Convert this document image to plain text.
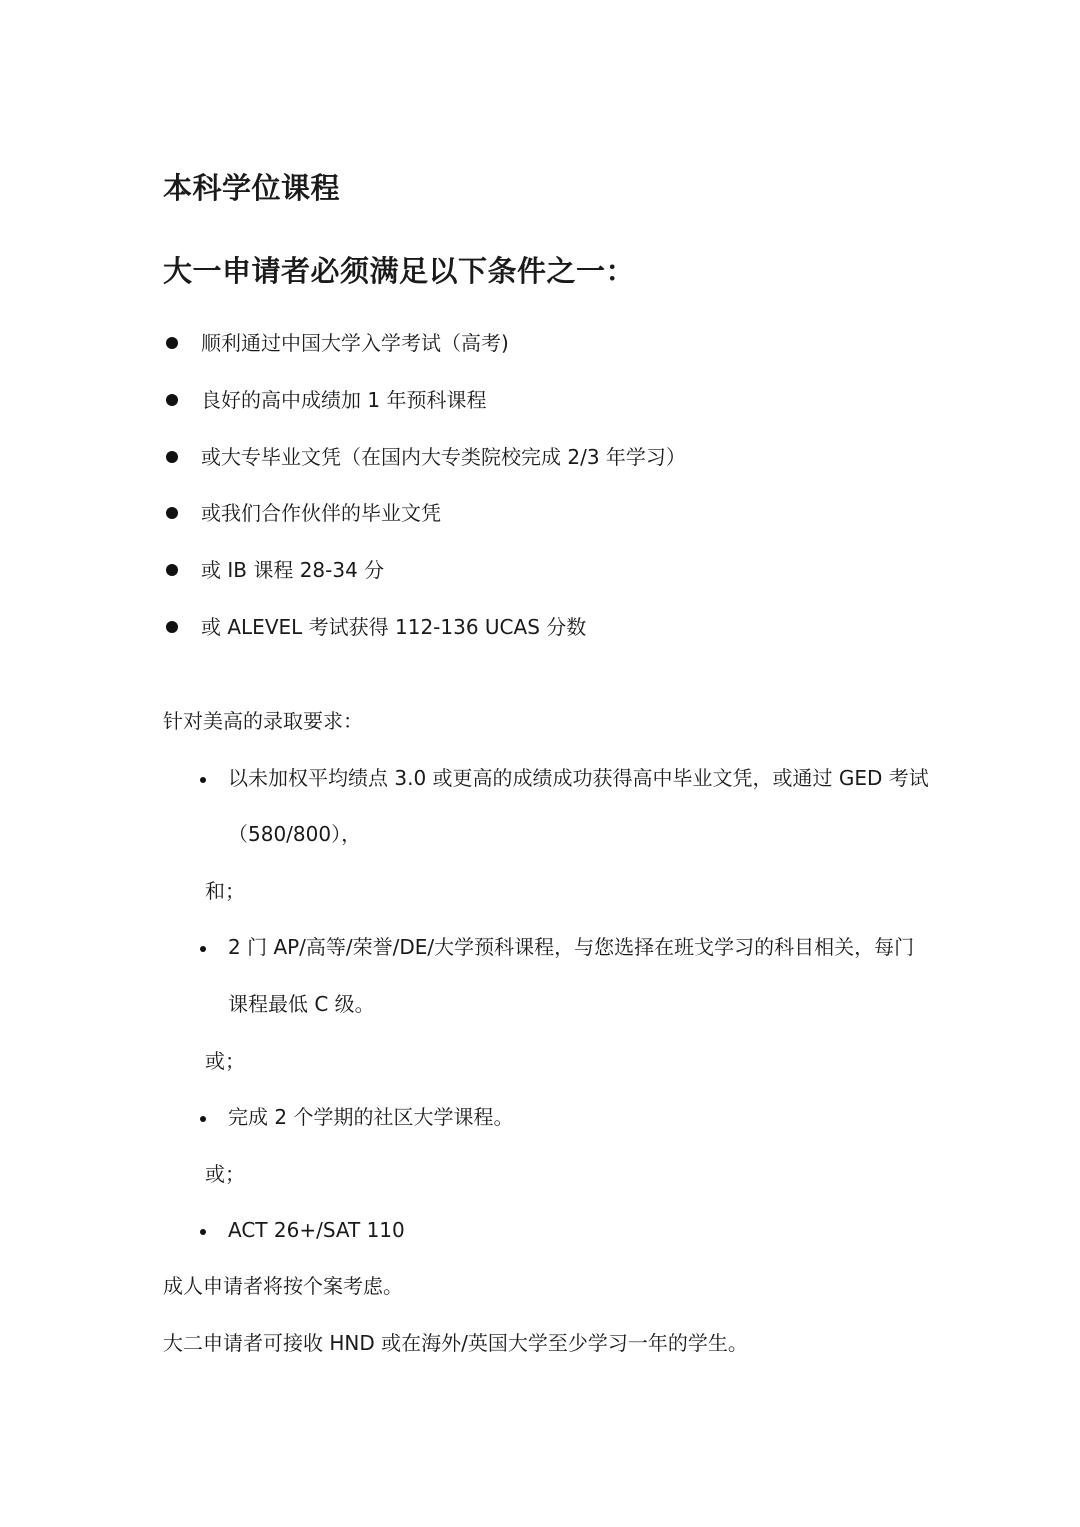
本科学位课程
大一申请者必须满足以下条件之一：
顺利通过中国大学入学考试（高考)
良好的高中成绩加 1 年预科课程
或大专毕业文凭（在国内大专类院校完成 2/3 年学习）
或我们合作伙伴的毕业文凭
或 IB 课程 28-34 分
或 ALEVEL 考试获得 112-136 UCAS 分数
针对美高的录取要求：
以未加权平均绩点 3.0 或更高的成绩成功获得高中毕业文凭，或通过 GED 考试
（580/800），
和；
2 门 AP/高等/荣誉/DE/大学预科课程，与您选择在班戈学习的科目相关，每门
课程最低 C 级。
或；
完成 2 个学期的社区大学课程。
或；
ACT 26+/SAT 110
成人申请者将按个案考虑。
大二申请者可接收 HND 或在海外/英国大学至少学习一年的学生。
